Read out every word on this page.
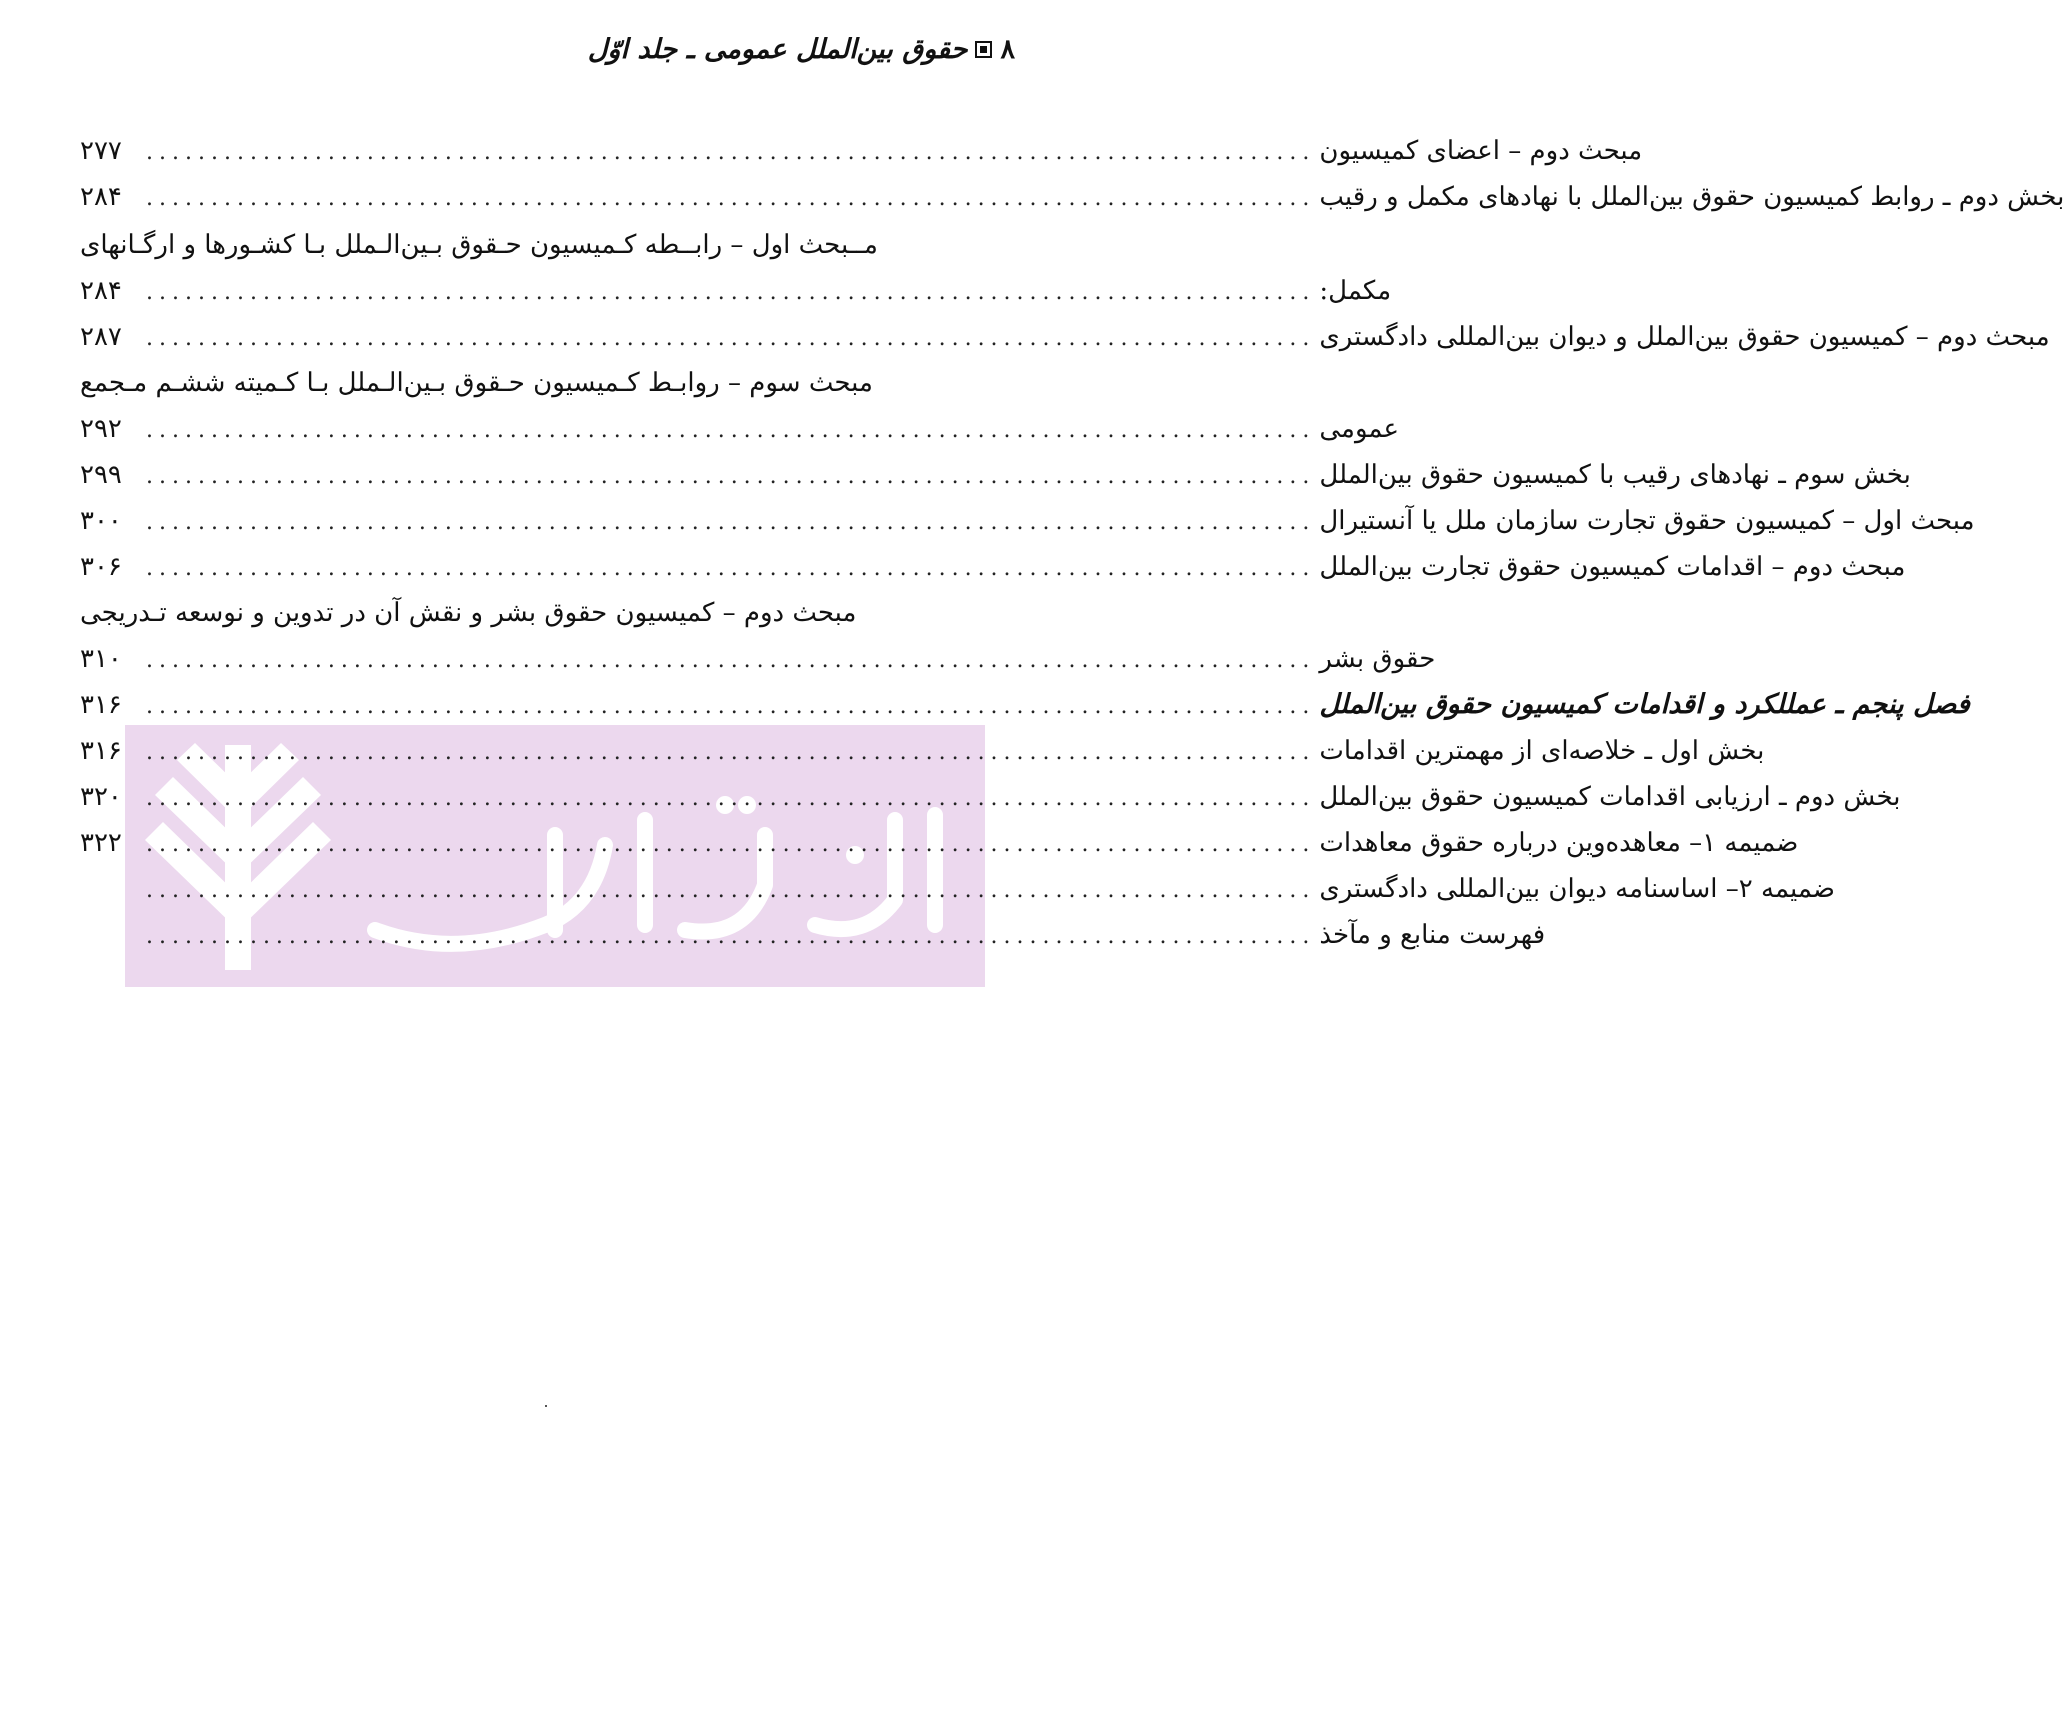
۸
حقوق بین‌الملل عمومی ـ جلد اوّل
مبحث دوم – اعضای کمیسیون
..........................................................................................
۲۷۷
بخش دوم ـ روابط کمیسیون حقوق بین‌الملل با نهادهای مکمل و رقیب
..........................................................................................
۲۸۴
مــبحث اول – رابــطه کـمیسیون حـقوق بـین‌الـملل بـا کشـورها و ارگـانهای
مکمل:
..........................................................................................
۲۸۴
مبحث دوم – کمیسیون حقوق بین‌الملل و دیوان بین‌المللی دادگستری
..........................................................................................
۲۸۷
مبحث سوم – روابـط کـمیسیون حـقوق بـین‌الـملل بـا کـمیته ششـم مـجمع
عمومی
..........................................................................................
۲۹۲
بخش سوم ـ نهادهای رقیب با کمیسیون حقوق بین‌الملل
..........................................................................................
۲۹۹
مبحث اول – کمیسیون حقوق تجارت سازمان ملل یا آنستیرال
..........................................................................................
۳۰۰
مبحث دوم – اقدامات کمیسیون حقوق تجارت بین‌الملل
..........................................................................................
۳۰۶
مبحث دوم – کمیسیون حقوق بشر و نقش آن در تدوین و نوسعه تـدریجی
حقوق بشر
..........................................................................................
۳۱۰
فصل پنجم ـ عمللکرد و اقدامات کمیسیون حقوق بین‌الملل
..........................................................................................
۳۱۶
بخش اول ـ خلاصه‌ای از مهمترین اقدامات
..........................................................................................
۳۱۶
بخش دوم ـ ارزیابی اقدامات کمیسیون حقوق بین‌الملل
..........................................................................................
۳۲۰
ضمیمه ۱– معاهده‌وین درباره حقوق معاهدات
..........................................................................................
۳۲۲
ضمیمه ۲– اساسنامه دیوان بین‌المللی دادگستری
..........................................................................................
فهرست منابع و مآخذ
..........................................................................................
